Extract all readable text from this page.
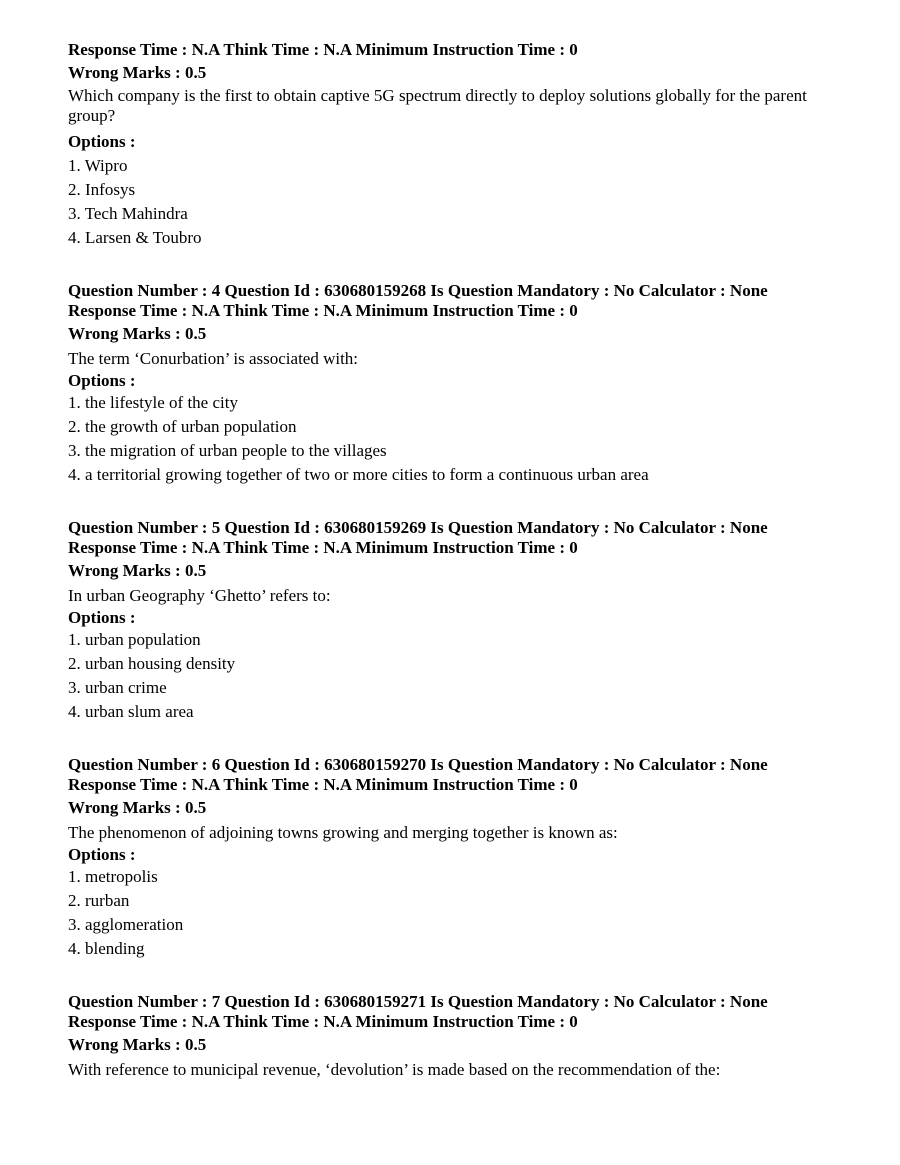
Response Time : N.A Think Time : N.A Minimum Instruction Time : 0
Wrong Marks : 0.5
Which company is the first to obtain captive 5G spectrum directly to deploy solutions globally for the parent group?
Options :
1. Wipro
2. Infosys
3. Tech Mahindra
4. Larsen & Toubro
Question Number : 4 Question Id : 630680159268 Is Question Mandatory : No Calculator : None
Response Time : N.A Think Time : N.A Minimum Instruction Time : 0
Wrong Marks : 0.5
The term ‘Conurbation’ is associated with:
Options :
1. the lifestyle of the city
2. the growth of urban population
3. the migration of urban people to the villages
4. a territorial growing together of two or more cities to form a continuous urban area
Question Number : 5 Question Id : 630680159269 Is Question Mandatory : No Calculator : None
Response Time : N.A Think Time : N.A Minimum Instruction Time : 0
Wrong Marks : 0.5
In urban Geography ‘Ghetto’ refers to:
Options :
1. urban population
2. urban housing density
3. urban crime
4. urban slum area
Question Number : 6 Question Id : 630680159270 Is Question Mandatory : No Calculator : None
Response Time : N.A Think Time : N.A Minimum Instruction Time : 0
Wrong Marks : 0.5
The phenomenon of adjoining towns growing and merging together is known as:
Options :
1. metropolis
2. rurban
3. agglomeration
4. blending
Question Number : 7 Question Id : 630680159271 Is Question Mandatory : No Calculator : None
Response Time : N.A Think Time : N.A Minimum Instruction Time : 0
Wrong Marks : 0.5
With reference to municipal revenue, ‘devolution’ is made based on the recommendation of the:
